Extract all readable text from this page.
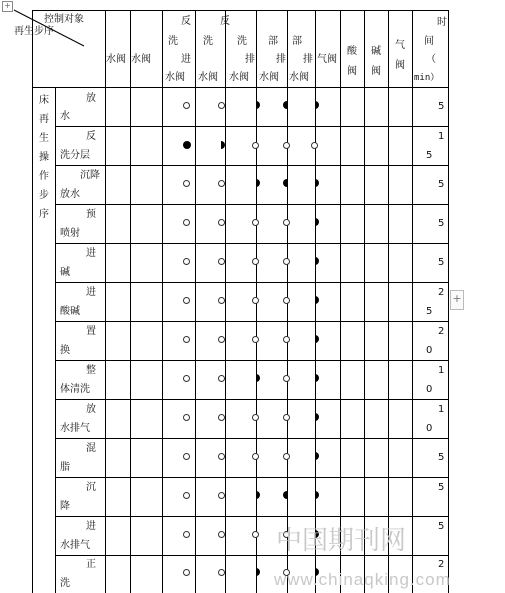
+
控制对象
再生步序
水阀 水阀
反
洗
进
水阀
反
洗
水阀
洗
排
水阀
部
排
水阀
部
排
水阀
气阀
酸阀
碱阀
气阀
时
间
（
min）
床
再
生
操
作
步
序
放
水
5
反
洗分层
1
5
沉降
放水
5
预
喷射
5
进
碱
5
进
酸碱
2
5
置
换
2
0
整
体清洗
1
0
放
水排气
1
0
混
脂
5
沉
降
5
进
水排气
5
正
洗
2
+
中国期刊网
www.chinaqking.com
